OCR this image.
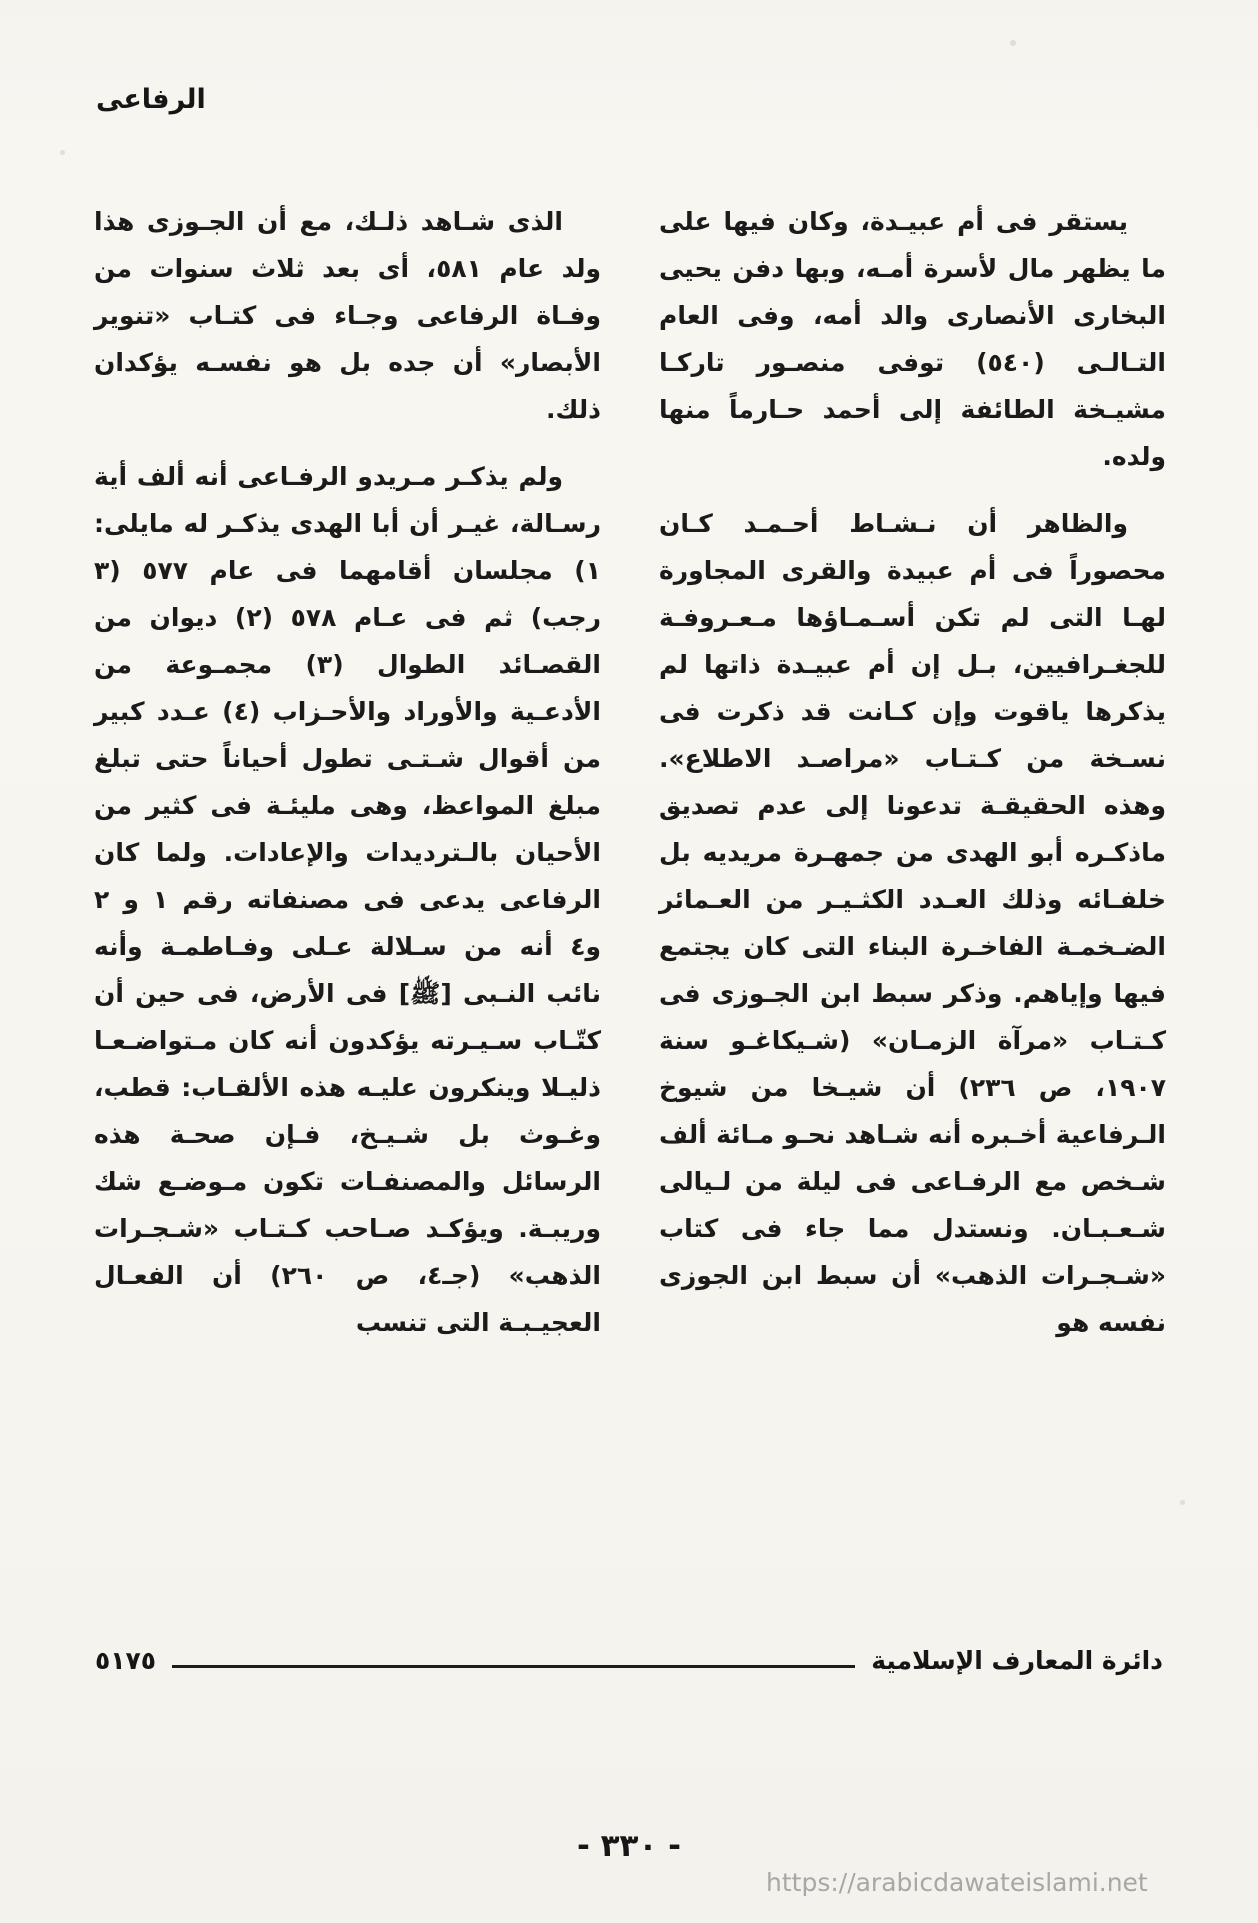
الرفاعى

يستقر فى أم عبيـدة، وكان فيها على ما يظهر مال لأسرة أمـه، وبها دفن يحيى البخارى الأنصارى والد أمه، وفى العام التـالـى (٥٤٠) توفى منصـور تاركـا مشيـخة الطائفة إلى أحمد حـارماً منها ولده.

والظاهر أن نـشـاط أحـمـد كـان محصوراً فى أم عبيدة والقرى المجاورة لهـا التى لم تكن أسـمـاؤها مـعـروفـة للجغـرافيين، بـل إن أم عبيـدة ذاتها لم يذكرها ياقوت وإن كـانت قد ذكرت فى نسـخة من كـتـاب «مراصـد الاطلاع». وهذه الحقيقـة تدعونا إلى عدم تصديق ماذكـره أبو الهدى من جمهـرة مريديه بل خلفـائه وذلك العـدد الكثـيـر من العـمائر الضـخمـة الفاخـرة البناء التى كان يجتمع فيها وإياهم. وذكر سبط ابن الجـوزى فى كـتـاب «مرآة الزمـان» (شـيكاغـو سنة ١٩٠٧، ص ٢٣٦) أن شيـخا من شيوخ الـرفاعية أخـبره أنه شـاهد نحـو مـائة ألف شـخص مع الرفـاعى فى ليلة من لـيالى شـعـبـان. ونستدل مما جاء فى كتاب «شـجـرات الذهب» أن سبط ابن الجوزى نفسه هو

الذى شـاهد ذلـك، مع أن الجـوزى هذا ولد عام ٥٨١، أى بعد ثلاث سنوات من وفـاة الرفاعى وجـاء فى كتـاب «تنوير الأبصار» أن جده بل هو نفسـه يؤكدان ذلك.

ولم يذكـر مـريدو الرفـاعى أنه ألف أية رسـالة، غيـر أن أبا الهدى يذكـر له مايلى: ١) مجلسان أقامهما فى عام ٥٧٧ (٣ رجب) ثم فى عـام ٥٧٨ (٢) ديوان من القصـائد الطوال (٣) مجمـوعة من الأدعـية والأوراد والأحـزاب (٤) عـدد كبير من أقوال شـتـى تطول أحياناً حتى تبلغ مبلغ المواعظ، وهى مليئـة فى كثير من الأحيان بالـترديدات والإعادات. ولما كان الرفاعى يدعى فى مصنفاته رقم ١ و ٢ و٤ أنه من سـلالة عـلى وفـاطمـة وأنه نائب النـبى [ﷺ] فى الأرض، فى حين أن كتّـاب سـيـرته يؤكدون أنه كان مـتواضـعـا ذليـلا وينكرون عليـه هذه الألقـاب: قطب، وغـوث بل شـيـخ، فـإن صحـة هذه الرسائل والمصنفـات تكون مـوضـع شك وريبـة. ويؤكـد صـاحب كـتـاب «شـجـرات الذهب» (جـ٤، ص ٢٦٠) أن الفعـال العجيـبـة التى تنسب

دائرة المعارف الإسلامية
٥١٧٥
- ٣٣٠ -
https://arabicdawateislami.net
